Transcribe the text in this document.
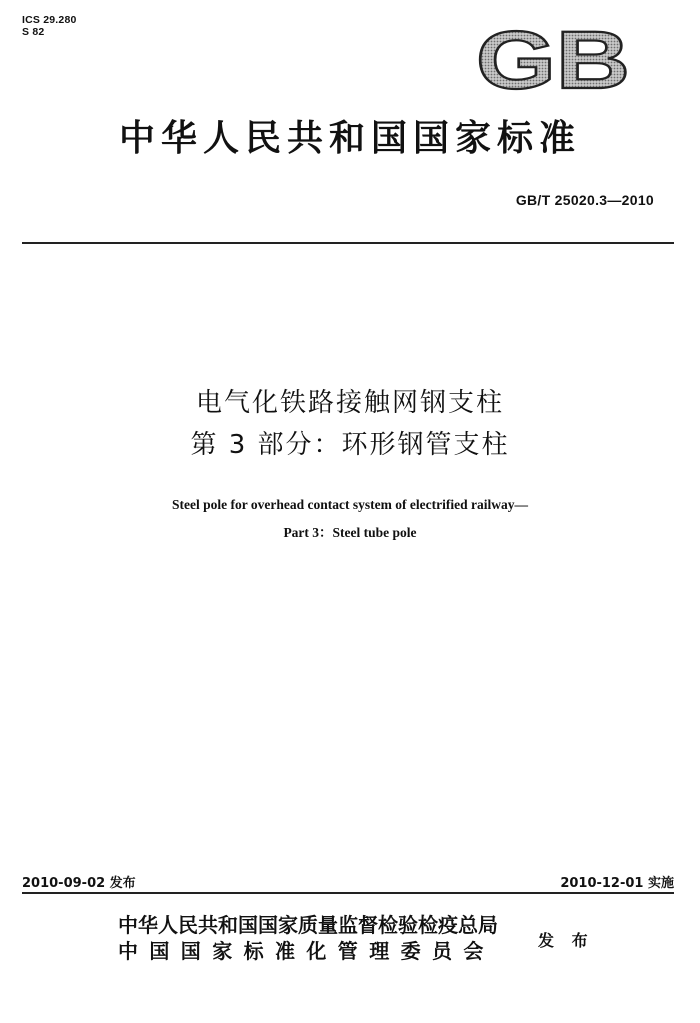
ICS 29.280
S 82	GB
中华人民共和国国家标准
GB/T 25020.3—2010
电气化铁路接触网钢支柱
第 3 部分：环形钢管支柱
Steel pole for overhead contact system of electrified railway—
Part 3：Steel tube pole
2010-09-02 发布	2010-12-01 实施
中华人民共和国国家质量监督检验检疫总局
中国国家标准化管理委员会	发 布
